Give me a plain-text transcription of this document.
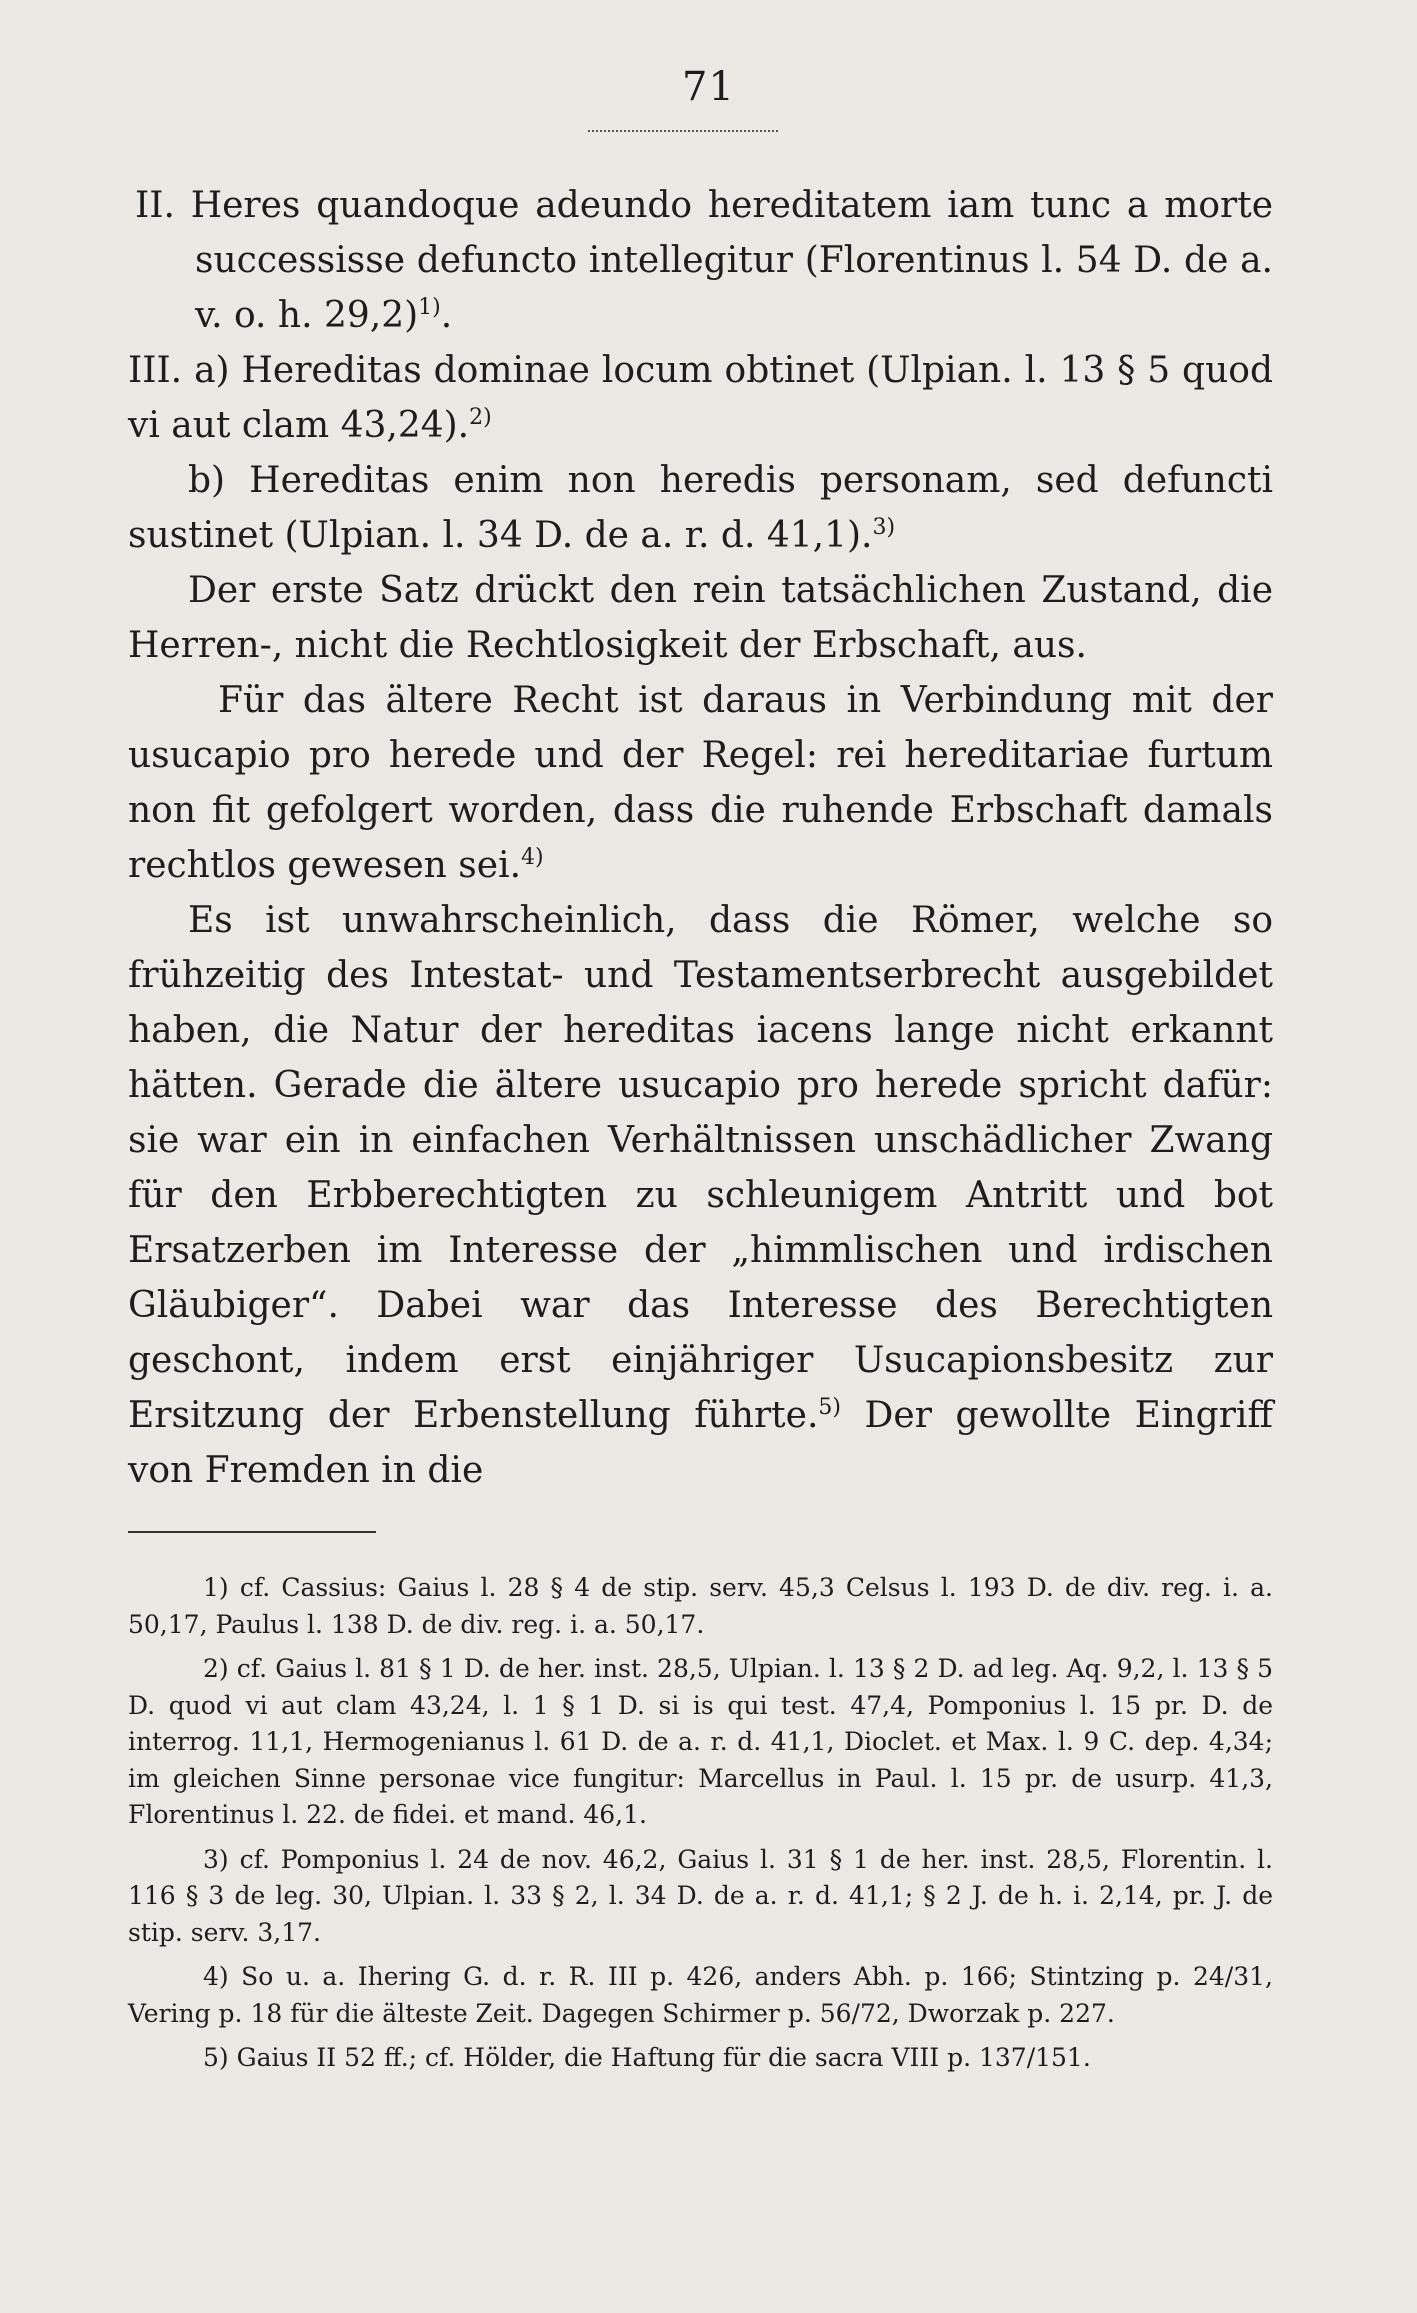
71

II. Heres quandoque adeundo hereditatem iam tunc a morte successisse defuncto intellegitur (Florentinus l. 54 D. de a. v. o. h. 29,2)$^{1)}$.

III. a) Hereditas dominae locum obtinet (Ulpian. l. 13 § 5 quod vi aut clam 43,24).$^{2)}$

b) Hereditas enim non heredis personam, sed defuncti sustinet (Ulpian. l. 34 D. de a. r. d. 41,1).$^{3)}$

Der erste Satz drückt den rein tatsächlichen Zustand, die Herren-, nicht die Rechtlosigkeit der Erbschaft, aus.

Für das ältere Recht ist daraus in Verbindung mit der usucapio pro herede und der Regel: rei hereditariae furtum non fit gefolgert worden, dass die ruhende Erbschaft damals rechtlos gewesen sei.$^{4)}$

Es ist unwahrscheinlich, dass die Römer, welche so frühzeitig des Intestat- und Testamentserbrecht ausgebildet haben, die Natur der hereditas iacens lange nicht erkannt hätten. Gerade die ältere usucapio pro herede spricht dafür: sie war ein in einfachen Verhältnissen unschädlicher Zwang für den Erbberechtigten zu schleunigem Antritt und bot Ersatzerben im Interesse der „himmlischen und irdischen Gläubiger“. Dabei war das Interesse des Berechtigten geschont, indem erst einjähriger Usucapionsbesitz zur Ersitzung der Erbenstellung führte.$^{5)}$ Der gewollte Eingriff von Fremden in die

1) cf. Cassius: Gaius l. 28 § 4 de stip. serv. 45,3 Celsus l. 193 D. de div. reg. i. a. 50,17, Paulus l. 138 D. de div. reg. i. a. 50,17.

2) cf. Gaius l. 81 § 1 D. de her. inst. 28,5, Ulpian. l. 13 § 2 D. ad leg. Aq. 9,2, l. 13 § 5 D. quod vi aut clam 43,24, l. 1 § 1 D. si is qui test. 47,4, Pomponius l. 15 pr. D. de interrog. 11,1, Hermogenianus l. 61 D. de a. r. d. 41,1, Dioclet. et Max. l. 9 C. dep. 4,34; im gleichen Sinne personae vice fungitur: Marcellus in Paul. l. 15 pr. de usurp. 41,3, Florentinus l. 22. de fidei. et mand. 46,1.

3) cf. Pomponius l. 24 de nov. 46,2, Gaius l. 31 § 1 de her. inst. 28,5, Florentin. l. 116 § 3 de leg. 30, Ulpian. l. 33 § 2, l. 34 D. de a. r. d. 41,1; § 2 J. de h. i. 2,14, pr. J. de stip. serv. 3,17.

4) So u. a. Ihering G. d. r. R. III p. 426, anders Abh. p. 166; Stintzing p. 24/31, Vering p. 18 für die älteste Zeit. Dagegen Schirmer p. 56/72, Dworzak p. 227.

5) Gaius II 52 ff.; cf. Hölder, die Haftung für die sacra VIII p. 137/151.
